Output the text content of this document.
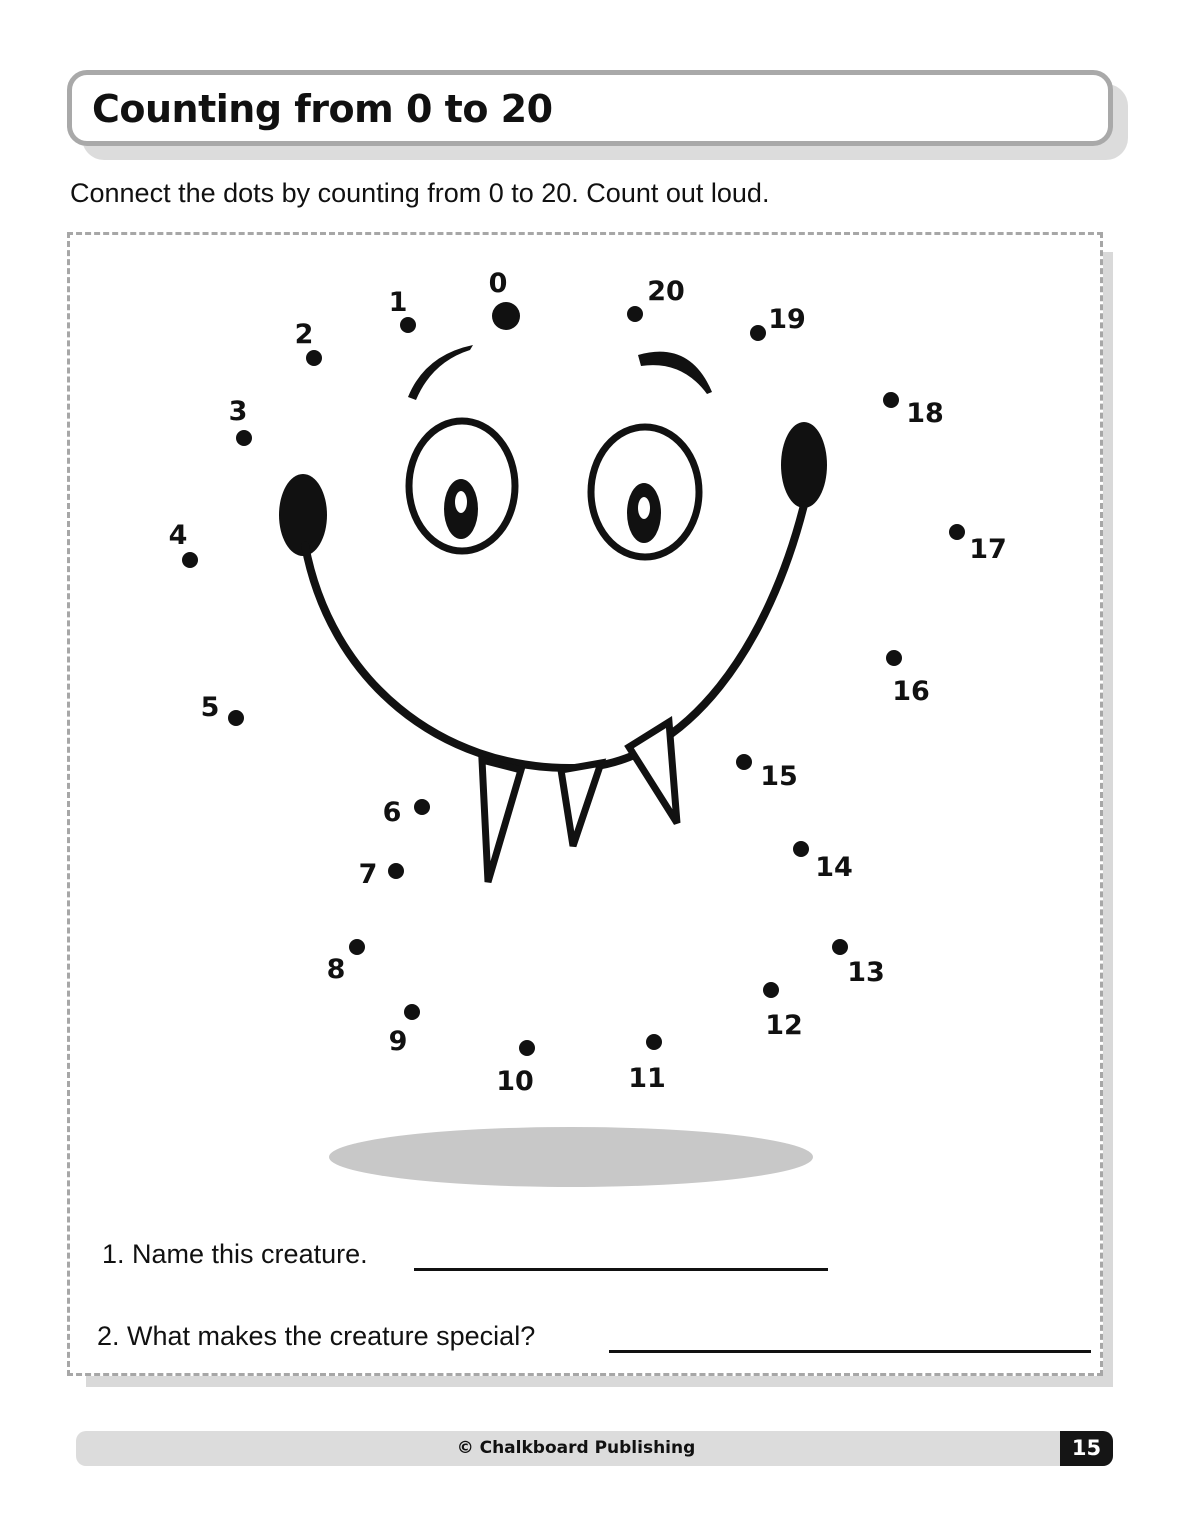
Counting from 0 to 20
Connect the dots by counting from 0 to 20. Count out loud.
0
1
2
3
4
5
6
7
8
9
10	11
12
13
14
15
16
17
18
19
20
1. Name this creature.
2. What makes the creature special?
© Chalkboard Publishing	15
